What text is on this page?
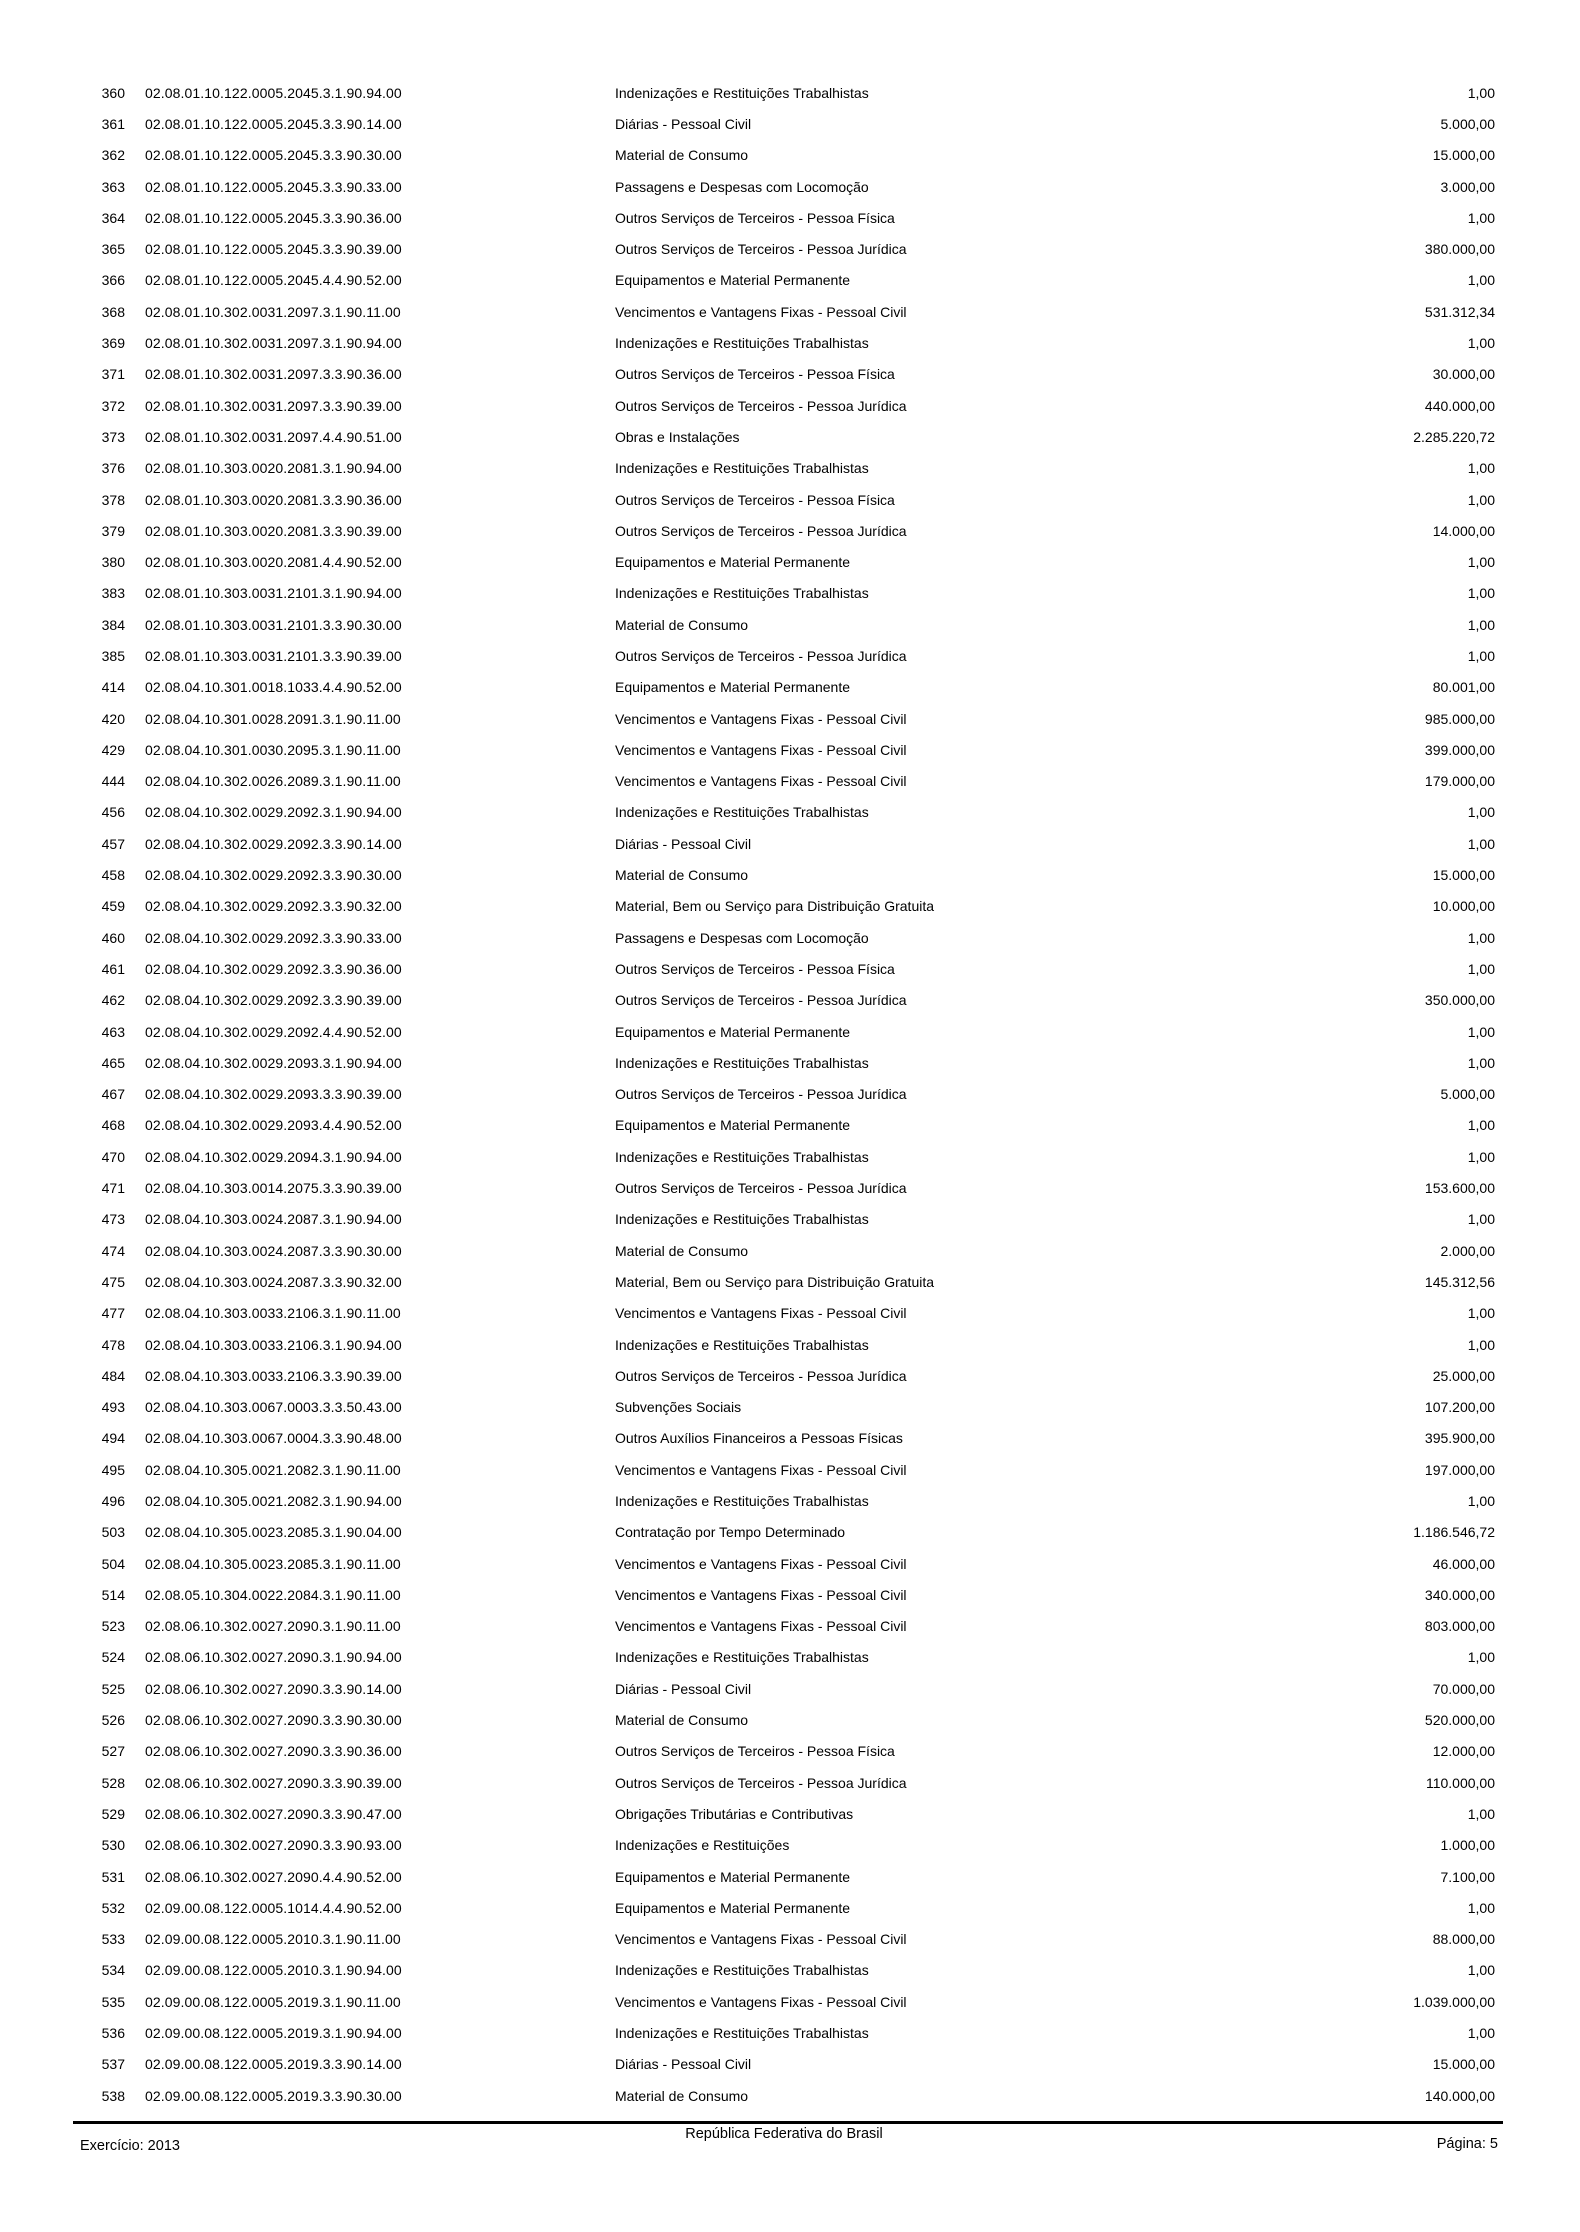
360 02.08.01.10.122.0005.2045.3.1.90.94.00	Indenizações e Restituições Trabalhistas	1,00
361 02.08.01.10.122.0005.2045.3.3.90.14.00	Diárias - Pessoal Civil	5.000,00
362 02.08.01.10.122.0005.2045.3.3.90.30.00	Material de Consumo	15.000,00
363 02.08.01.10.122.0005.2045.3.3.90.33.00	Passagens e Despesas com Locomoção	3.000,00
364 02.08.01.10.122.0005.2045.3.3.90.36.00	Outros Serviços de Terceiros - Pessoa Física	1,00
365 02.08.01.10.122.0005.2045.3.3.90.39.00	Outros Serviços de Terceiros - Pessoa Jurídica	380.000,00
366 02.08.01.10.122.0005.2045.4.4.90.52.00	Equipamentos e Material Permanente	1,00
368 02.08.01.10.302.0031.2097.3.1.90.11.00	Vencimentos e Vantagens Fixas - Pessoal Civil	531.312,34
369 02.08.01.10.302.0031.2097.3.1.90.94.00	Indenizações e Restituições Trabalhistas	1,00
371 02.08.01.10.302.0031.2097.3.3.90.36.00	Outros Serviços de Terceiros - Pessoa Física	30.000,00
372 02.08.01.10.302.0031.2097.3.3.90.39.00	Outros Serviços de Terceiros - Pessoa Jurídica	440.000,00
373 02.08.01.10.302.0031.2097.4.4.90.51.00	Obras e Instalações	2.285.220,72
376 02.08.01.10.303.0020.2081.3.1.90.94.00	Indenizações e Restituições Trabalhistas	1,00
378 02.08.01.10.303.0020.2081.3.3.90.36.00	Outros Serviços de Terceiros - Pessoa Física	1,00
379 02.08.01.10.303.0020.2081.3.3.90.39.00	Outros Serviços de Terceiros - Pessoa Jurídica	14.000,00
380 02.08.01.10.303.0020.2081.4.4.90.52.00	Equipamentos e Material Permanente	1,00
383 02.08.01.10.303.0031.2101.3.1.90.94.00	Indenizações e Restituições Trabalhistas	1,00
384 02.08.01.10.303.0031.2101.3.3.90.30.00	Material de Consumo	1,00
385 02.08.01.10.303.0031.2101.3.3.90.39.00	Outros Serviços de Terceiros - Pessoa Jurídica	1,00
414 02.08.04.10.301.0018.1033.4.4.90.52.00	Equipamentos e Material Permanente	80.001,00
420 02.08.04.10.301.0028.2091.3.1.90.11.00	Vencimentos e Vantagens Fixas - Pessoal Civil	985.000,00
429 02.08.04.10.301.0030.2095.3.1.90.11.00	Vencimentos e Vantagens Fixas - Pessoal Civil	399.000,00
444 02.08.04.10.302.0026.2089.3.1.90.11.00	Vencimentos e Vantagens Fixas - Pessoal Civil	179.000,00
456 02.08.04.10.302.0029.2092.3.1.90.94.00	Indenizações e Restituições Trabalhistas	1,00
457 02.08.04.10.302.0029.2092.3.3.90.14.00	Diárias - Pessoal Civil	1,00
458 02.08.04.10.302.0029.2092.3.3.90.30.00	Material de Consumo	15.000,00
459 02.08.04.10.302.0029.2092.3.3.90.32.00	Material, Bem ou Serviço para Distribuição Gratuita	10.000,00
460 02.08.04.10.302.0029.2092.3.3.90.33.00	Passagens e Despesas com Locomoção	1,00
461 02.08.04.10.302.0029.2092.3.3.90.36.00	Outros Serviços de Terceiros - Pessoa Física	1,00
462 02.08.04.10.302.0029.2092.3.3.90.39.00	Outros Serviços de Terceiros - Pessoa Jurídica	350.000,00
463 02.08.04.10.302.0029.2092.4.4.90.52.00	Equipamentos e Material Permanente	1,00
465 02.08.04.10.302.0029.2093.3.1.90.94.00	Indenizações e Restituições Trabalhistas	1,00
467 02.08.04.10.302.0029.2093.3.3.90.39.00	Outros Serviços de Terceiros - Pessoa Jurídica	5.000,00
468 02.08.04.10.302.0029.2093.4.4.90.52.00	Equipamentos e Material Permanente	1,00
470 02.08.04.10.302.0029.2094.3.1.90.94.00	Indenizações e Restituições Trabalhistas	1,00
471 02.08.04.10.303.0014.2075.3.3.90.39.00	Outros Serviços de Terceiros - Pessoa Jurídica	153.600,00
473 02.08.04.10.303.0024.2087.3.1.90.94.00	Indenizações e Restituições Trabalhistas	1,00
474 02.08.04.10.303.0024.2087.3.3.90.30.00	Material de Consumo	2.000,00
475 02.08.04.10.303.0024.2087.3.3.90.32.00	Material, Bem ou Serviço para Distribuição Gratuita	145.312,56
477 02.08.04.10.303.0033.2106.3.1.90.11.00	Vencimentos e Vantagens Fixas - Pessoal Civil	1,00
478 02.08.04.10.303.0033.2106.3.1.90.94.00	Indenizações e Restituições Trabalhistas	1,00
484 02.08.04.10.303.0033.2106.3.3.90.39.00	Outros Serviços de Terceiros - Pessoa Jurídica	25.000,00
493 02.08.04.10.303.0067.0003.3.3.50.43.00	Subvenções Sociais	107.200,00
494 02.08.04.10.303.0067.0004.3.3.90.48.00	Outros Auxílios Financeiros a Pessoas Físicas	395.900,00
495 02.08.04.10.305.0021.2082.3.1.90.11.00	Vencimentos e Vantagens Fixas - Pessoal Civil	197.000,00
496 02.08.04.10.305.0021.2082.3.1.90.94.00	Indenizações e Restituições Trabalhistas	1,00
503 02.08.04.10.305.0023.2085.3.1.90.04.00	Contratação por Tempo Determinado	1.186.546,72
504 02.08.04.10.305.0023.2085.3.1.90.11.00	Vencimentos e Vantagens Fixas - Pessoal Civil	46.000,00
514 02.08.05.10.304.0022.2084.3.1.90.11.00	Vencimentos e Vantagens Fixas - Pessoal Civil	340.000,00
523 02.08.06.10.302.0027.2090.3.1.90.11.00	Vencimentos e Vantagens Fixas - Pessoal Civil	803.000,00
524 02.08.06.10.302.0027.2090.3.1.90.94.00	Indenizações e Restituições Trabalhistas	1,00
525 02.08.06.10.302.0027.2090.3.3.90.14.00	Diárias - Pessoal Civil	70.000,00
526 02.08.06.10.302.0027.2090.3.3.90.30.00	Material de Consumo	520.000,00
527 02.08.06.10.302.0027.2090.3.3.90.36.00	Outros Serviços de Terceiros - Pessoa Física	12.000,00
528 02.08.06.10.302.0027.2090.3.3.90.39.00	Outros Serviços de Terceiros - Pessoa Jurídica	110.000,00
529 02.08.06.10.302.0027.2090.3.3.90.47.00	Obrigações Tributárias e Contributivas	1,00
530 02.08.06.10.302.0027.2090.3.3.90.93.00	Indenizações e Restituições	1.000,00
531 02.08.06.10.302.0027.2090.4.4.90.52.00	Equipamentos e Material Permanente	7.100,00
532 02.09.00.08.122.0005.1014.4.4.90.52.00	Equipamentos e Material Permanente	1,00
533 02.09.00.08.122.0005.2010.3.1.90.11.00	Vencimentos e Vantagens Fixas - Pessoal Civil	88.000,00
534 02.09.00.08.122.0005.2010.3.1.90.94.00	Indenizações e Restituições Trabalhistas	1,00
535 02.09.00.08.122.0005.2019.3.1.90.11.00	Vencimentos e Vantagens Fixas - Pessoal Civil	1.039.000,00
536 02.09.00.08.122.0005.2019.3.1.90.94.00	Indenizações e Restituições Trabalhistas	1,00
537 02.09.00.08.122.0005.2019.3.3.90.14.00	Diárias - Pessoal Civil	15.000,00
538 02.09.00.08.122.0005.2019.3.3.90.30.00	Material de Consumo	140.000,00
República Federativa do Brasil
Exercício: 2013	Página: 5
